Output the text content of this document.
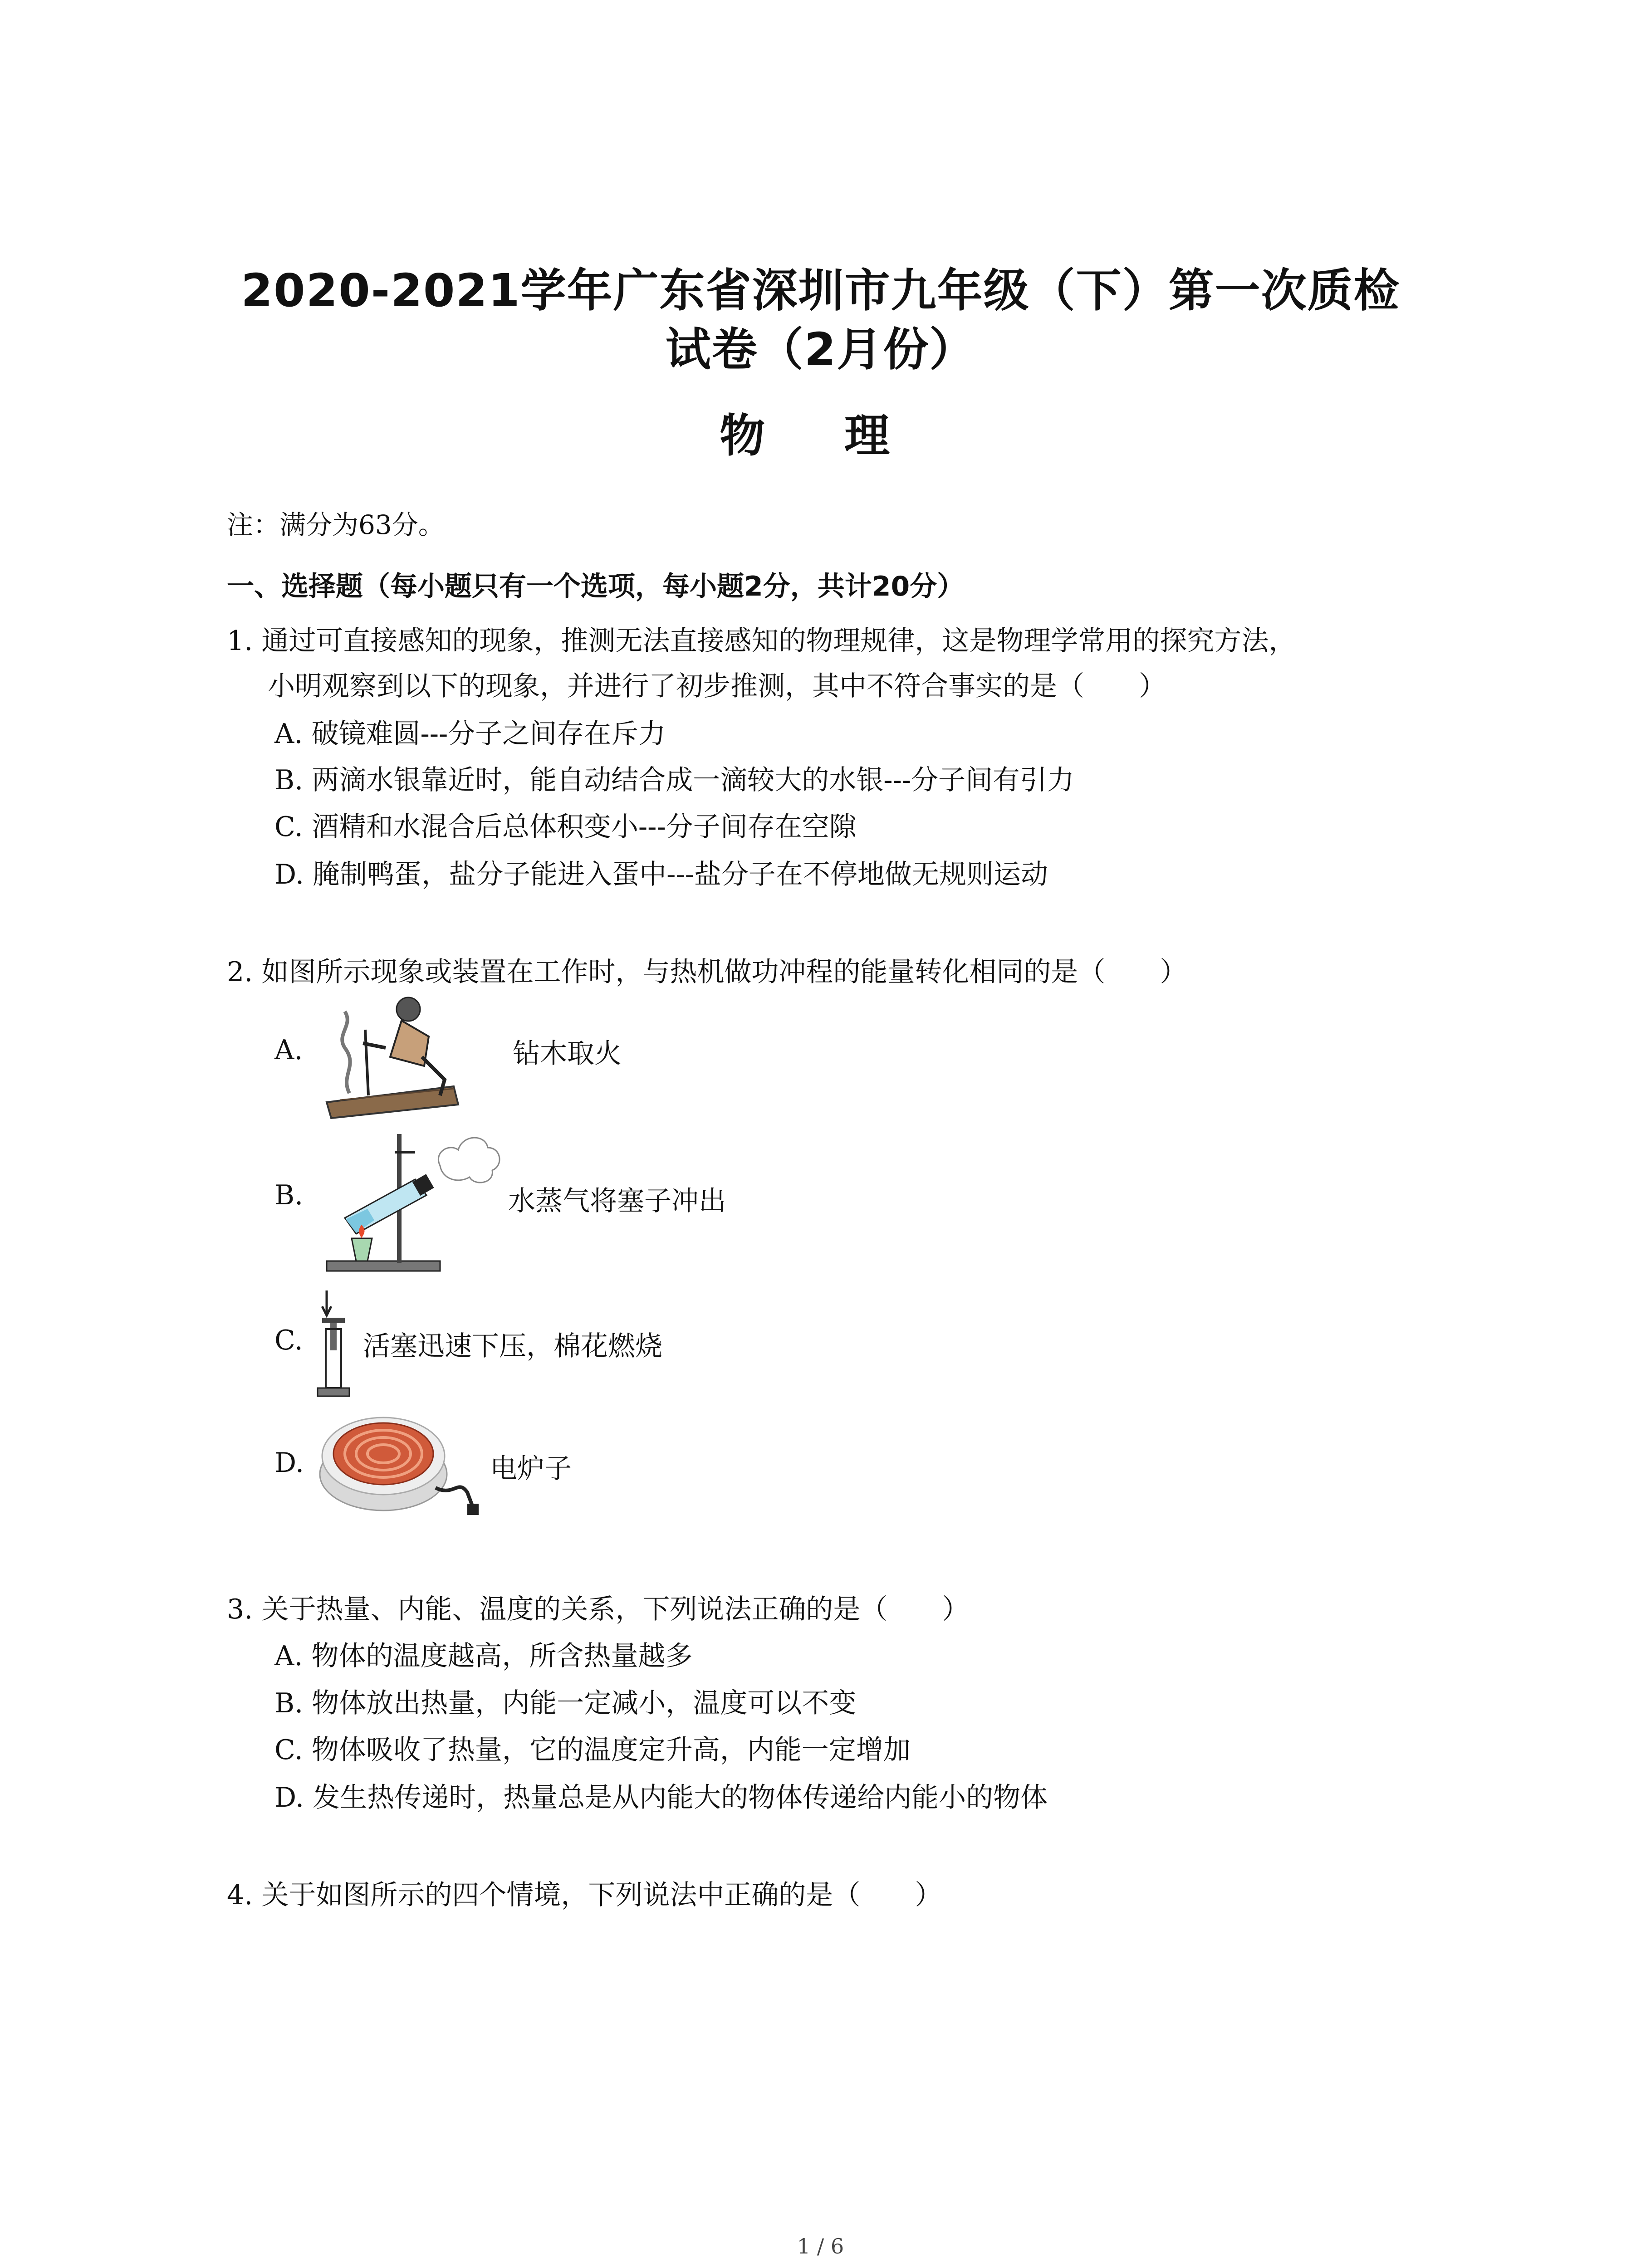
2020-2021学年广东省深圳市九年级（下）第一次质检
试卷（2月份）
物 理
注：满分为63分。
一、选择题（每小题只有一个选项，每小题2分，共计20分）
1. 通过可直接感知的现象，推测无法直接感知的物理规律，这是物理学常用的探究方法，
小明观察到以下的现象，并进行了初步推测，其中不符合事实的是（　　）
A. 破镜难圆---分子之间存在斥力
B. 两滴水银靠近时，能自动结合成一滴较大的水银---分子间有引力
C. 酒精和水混合后总体积变小---分子间存在空隙
D. 腌制鸭蛋，盐分子能进入蛋中---盐分子在不停地做无规则运动
2. 如图所示现象或装置在工作时，与热机做功冲程的能量转化相同的是（　　）
A.	钻木取火
B.	水蒸气将塞子冲出
C. 活塞迅速下压，棉花燃烧
D.	电炉子
3. 关于热量、内能、温度的关系，下列说法正确的是（　　）
A. 物体的温度越高，所含热量越多
B. 物体放出热量，内能一定减小，温度可以不变
C. 物体吸收了热量，它的温度定升高，内能一定增加
D. 发生热传递时，热量总是从内能大的物体传递给内能小的物体
4. 关于如图所示的四个情境，下列说法中正确的是（　　）
1 / 6
